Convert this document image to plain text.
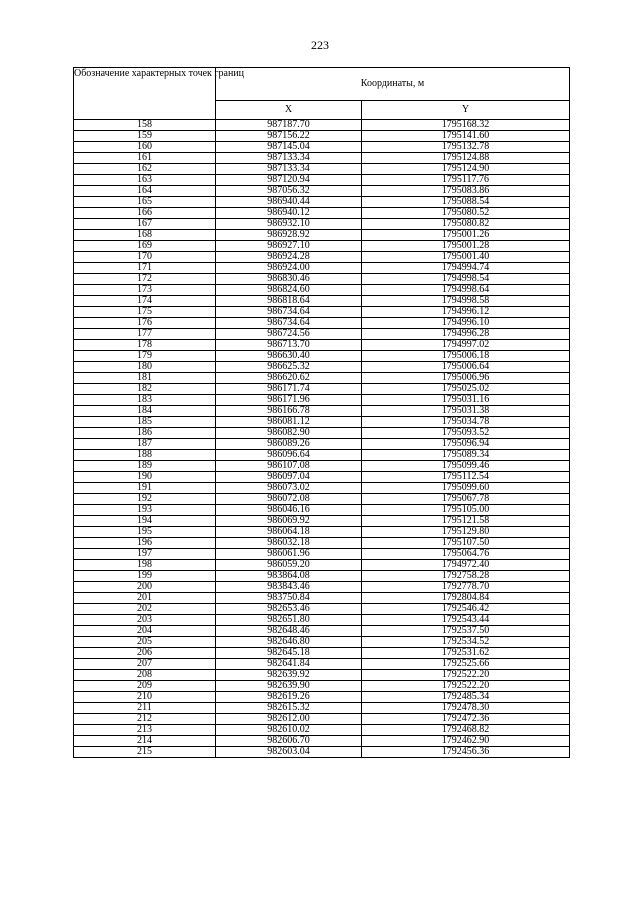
223
Обозначение характерных точек границ	Координаты, м	
	X	Y
158	987187.70	1795168.32
159	987156.22	1795141.60
160	987145.04	1795132.78
161	987133.34	1795124.88
162	987133.34	1795124.90
163	987120.94	1795117.76
164	987056.32	1795083.86
165	986940.44	1795088.54
166	986940.12	1795080.52
167	986932.10	1795080.82
168	986928.92	1795001.26
169	986927.10	1795001.28
170	986924.28	1795001.40
171	986924.00	1794994.74
172	986830.46	1794998.54
173	986824.60	1794998.64
174	986818.64	1794998.58
175	986734.64	1794996.12
176	986734.64	1794996.10
177	986724.56	1794996.28
178	986713.70	1794997.02
179	986630.40	1795006.18
180	986625.32	1795006.64
181	986620.62	1795006.96
182	986171.74	1795025.02
183	986171.96	1795031.16
184	986166.78	1795031.38
185	986081.12	1795034.78
186	986082.90	1795093.52
187	986089.26	1795096.94
188	986096.64	1795089.34
189	986107.08	1795099.46
190	986097.04	1795112.54
191	986073.02	1795099.60
192	986072.08	1795067.78
193	986046.16	1795105.00
194	986069.92	1795121.58
195	986064.18	1795129.80
196	986032.18	1795107.50
197	986061.96	1795064.76
198	986059.20	1794972.40
199	983864.08	1792758.28
200	983843.46	1792778.70
201	983750.84	1792804.84
202	982653.46	1792546.42
203	982651.80	1792543.44
204	982648.46	1792537.50
205	982646.80	1792534.52
206	982645.18	1792531.62
207	982641.84	1792525.66
208	982639.92	1792522.20
209	982639.90	1792522.20
210	982619.26	1792485.34
211	982615.32	1792478.30
212	982612.00	1792472.36
213	982610.02	1792468.82
214	982606.70	1792462.90
215	982603.04	1792456.36
